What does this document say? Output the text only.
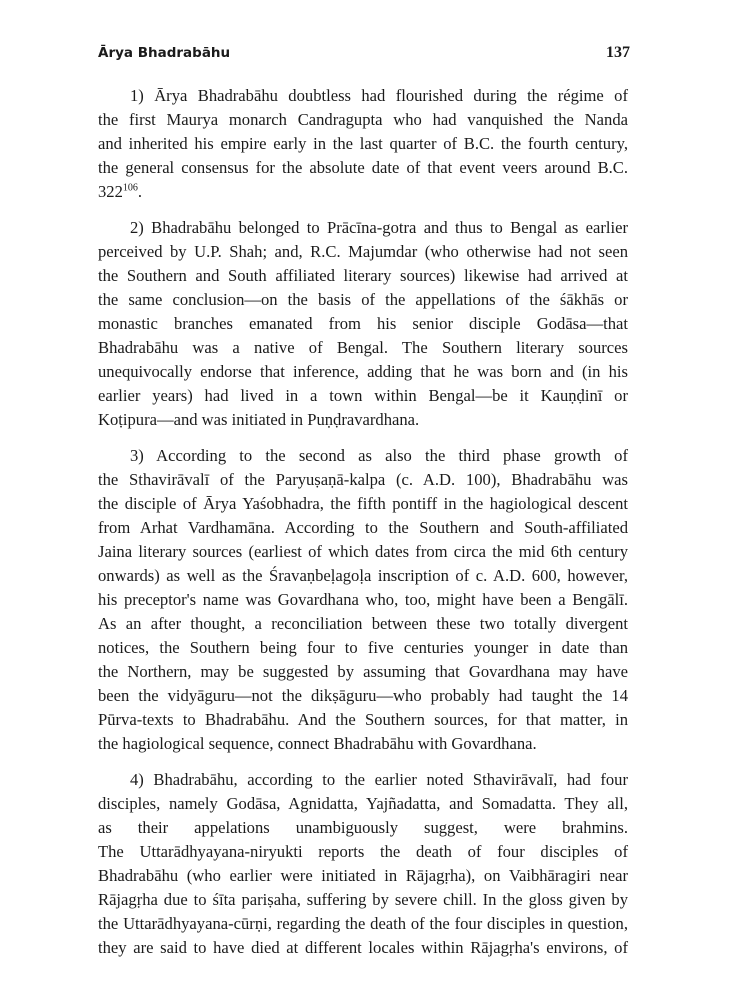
Ārya Bhadrabāhu	137

1) Ārya Bhadrabāhu doubtless had flourished during the régime of
the first Maurya monarch Candragupta who had vanquished the Nanda
and inherited his empire early in the last quarter of B.C. the fourth century,
the general consensus for the absolute date of that event veers around B.C.
$322^{106}$.

2) Bhadrabāhu belonged to Prācīna-gotra and thus to Bengal as earlier
perceived by U.P. Shah; and, R.C. Majumdar (who otherwise had not seen
the Southern and South affiliated literary sources) likewise had arrived at
the same conclusion—on the basis of the appellations of the śākhās or
monastic branches emanated from his senior disciple Godāsa—that
Bhadrabāhu was a native of Bengal. The Southern literary sources
unequivocally endorse that inference, adding that he was born and (in his
earlier years) had lived in a town within Bengal—be it Kauṇḍinī or
Koṭipura—and was initiated in Puṇḍravardhana.

3) According to the second as also the third phase growth of
the Sthavirāvalī of the Paryuṣaṇā-kalpa (c. A.D. 100), Bhadrabāhu was
the disciple of Ārya Yaśobhadra, the fifth pontiff in the hagiological descent
from Arhat Vardhamāna. According to the Southern and South-affiliated
Jaina literary sources (earliest of which dates from circa the mid 6th century
onwards) as well as the Śravaṇbeḷagoḷa inscription of c. A.D. 600, however,
his preceptor's name was Govardhana who, too, might have been a Bengālī.
As an after thought, a reconciliation between these two totally divergent
notices, the Southern being four to five centuries younger in date than
the Northern, may be suggested by assuming that Govardhana may have
been the vidyāguru—not the dikṣāguru—who probably had taught the 14
Pūrva-texts to Bhadrabāhu. And the Southern sources, for that matter, in
the hagiological sequence, connect Bhadrabāhu with Govardhana.

4) Bhadrabāhu, according to the earlier noted Sthavirāvalī, had four
disciples, namely Godāsa, Agnidatta, Yajñadatta, and Somadatta. They all,
as their appelations unambiguously suggest, were brahmins.
The Uttarādhyayana-niryukti reports the death of four disciples of
Bhadrabāhu (who earlier were initiated in Rājagṛha), on Vaibhāragiri near
Rājagṛha due to śīta pariṣaha, suffering by severe chill. In the gloss given by
the Uttarādhyayana-cūrṇi, regarding the death of the four disciples in question,
they are said to have died at different locales within Rājagṛha's environs, of
